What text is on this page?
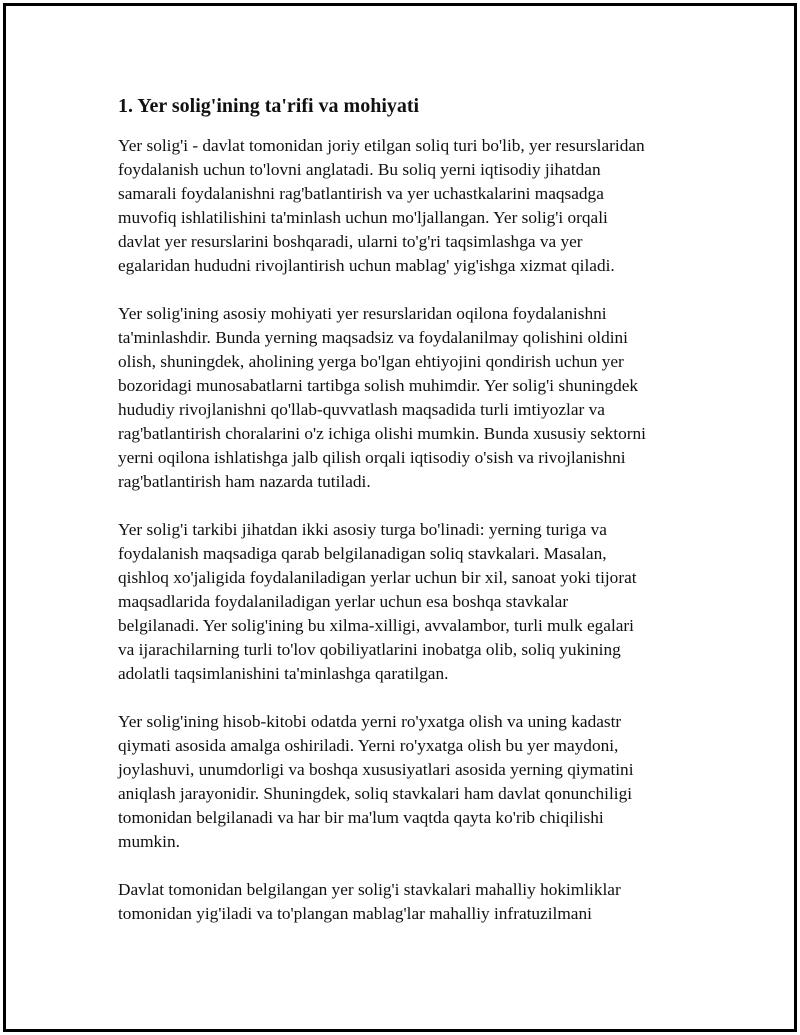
1. Yer solig'ining ta'rifi va mohiyati

Yer solig'i - davlat tomonidan joriy etilgan soliq turi bo'lib, yer resurslaridan
foydalanish uchun to'lovni anglatadi. Bu soliq yerni iqtisodiy jihatdan
samarali foydalanishni rag'batlantirish va yer uchastkalarini maqsadga
muvofiq ishlatilishini ta'minlash uchun mo'ljallangan. Yer solig'i orqali
davlat yer resurslarini boshqaradi, ularni to'g'ri taqsimlashga va yer
egalaridan hududni rivojlantirish uchun mablag' yig'ishga xizmat qiladi.

Yer solig'ining asosiy mohiyati yer resurslaridan oqilona foydalanishni
ta'minlashdir. Bunda yerning maqsadsiz va foydalanilmay qolishini oldini
olish, shuningdek, aholining yerga bo'lgan ehtiyojini qondirish uchun yer
bozoridagi munosabatlarni tartibga solish muhimdir. Yer solig'i shuningdek
hududiy rivojlanishni qo'llab-quvvatlash maqsadida turli imtiyozlar va
rag'batlantirish choralarini o'z ichiga olishi mumkin. Bunda xususiy sektorni
yerni oqilona ishlatishga jalb qilish orqali iqtisodiy o'sish va rivojlanishni
rag'batlantirish ham nazarda tutiladi.

Yer solig'i tarkibi jihatdan ikki asosiy turga bo'linadi: yerning turiga va
foydalanish maqsadiga qarab belgilanadigan soliq stavkalari. Masalan,
qishloq xo'jaligida foydalaniladigan yerlar uchun bir xil, sanoat yoki tijorat
maqsadlarida foydalaniladigan yerlar uchun esa boshqa stavkalar
belgilanadi. Yer solig'ining bu xilma-xilligi, avvalambor, turli mulk egalari
va ijarachilarning turli to'lov qobiliyatlarini inobatga olib, soliq yukining
adolatli taqsimlanishini ta'minlashga qaratilgan.

Yer solig'ining hisob-kitobi odatda yerni ro'yxatga olish va uning kadastr
qiymati asosida amalga oshiriladi. Yerni ro'yxatga olish bu yer maydoni,
joylashuvi, unumdorligi va boshqa xususiyatlari asosida yerning qiymatini
aniqlash jarayonidir. Shuningdek, soliq stavkalari ham davlat qonunchiligi
tomonidan belgilanadi va har bir ma'lum vaqtda qayta ko'rib chiqilishi
mumkin.

Davlat tomonidan belgilangan yer solig'i stavkalari mahalliy hokimliklar
tomonidan yig'iladi va to'plangan mablag'lar mahalliy infratuzilmani
